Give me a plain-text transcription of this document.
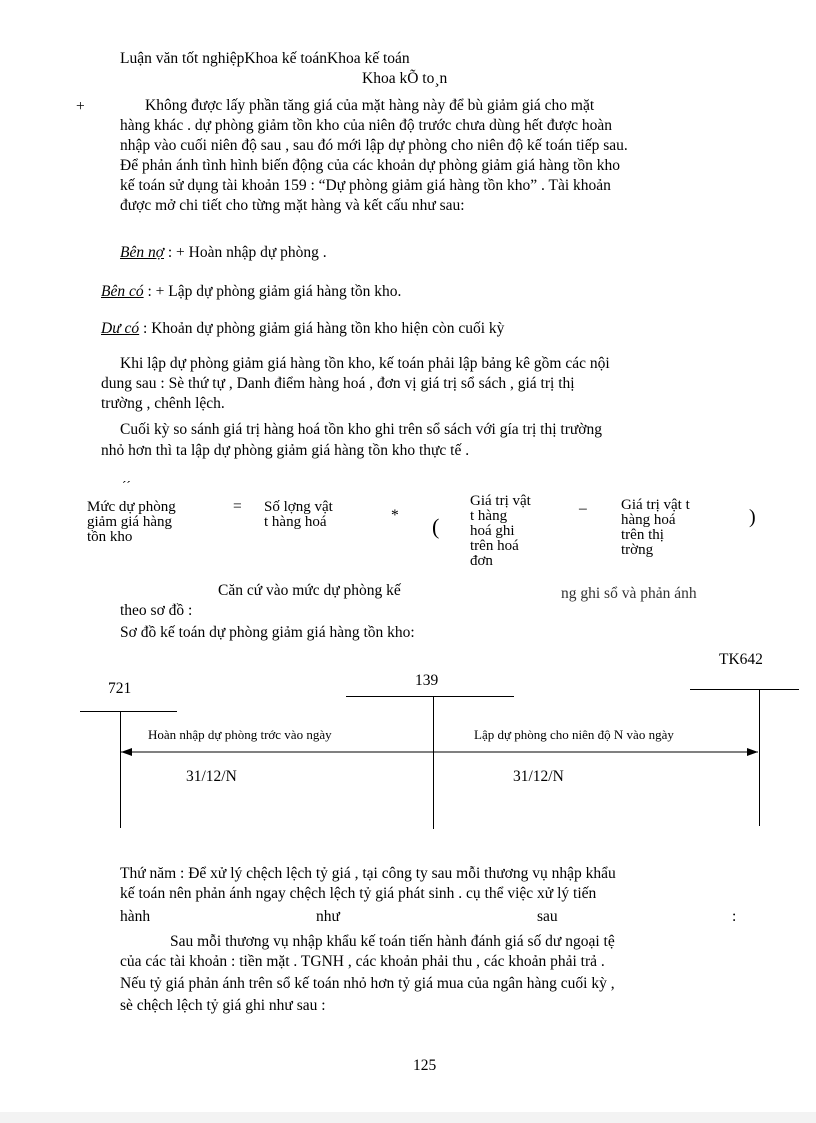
Luận văn tốt nghiệpKhoa kế toánKhoa kế toán
Khoa kÕ to¸n
+	Không được lấy phần tăng giá của mặt hàng này để bù giảm giá cho mặt
hàng khác . dự phòng giảm tồn kho của niên độ trước chưa dùng hết được hoàn
nhập vào cuối niên độ sau , sau đó mới lập dự phòng cho niên độ kế toán tiếp sau.
Để phản ánh tình hình biến động của các khoản dự phòng giảm giá hàng tồn kho
kế toán sử dụng tài khoản 159 : “Dự phòng giảm giá hàng tồn kho” . Tài khoản
được mở chi tiết cho từng mặt hàng và kết cấu như sau:
Bên nợ : + Hoàn nhập dự phòng .
Bên có : + Lập dự phòng giảm giá hàng tồn kho.
Dư có : Khoản dự phòng giảm giá hàng tồn kho hiện còn cuối kỳ
Khi lập dự phòng giảm giá hàng tồn kho, kế toán phải lập bảng kê gồm các nội
dung sau : Sè thứ tự , Danh điểm hàng hoá , đơn vị giá trị sổ sách , giá trị thị
trường , chênh lệch.
Cuối kỳ so sánh giá trị hàng hoá tồn kho ghi trên sổ sách với gía trị thị trường
nhỏ hơn thì ta lập dự phòng giảm giá hàng tồn kho thực tế .
´´
Mức dự phòng
giảm giá hàng
tồn kho
= Số lợng vật
t hàng hoá	* (
Giá trị vật
t hàng
hoá ghi
trên hoá
đơn
– Giá trị vật t
hàng hoá
trên thị
trờng
)
Căn cứ vào mức dự phòng kế	ng ghi sổ và phản ánh
theo sơ đồ :
Sơ đồ kế toán dự phòng giảm giá hàng tồn kho:
TK642
139
721
Hoàn nhập dự phòng trớc vào ngày	Lập dự phòng cho niên độ N vào ngày
31/12/N	31/12/N
Thứ năm : Để xử lý chệch lệch tỷ giá , tại công ty sau mỗi thương vụ nhập khẩu
kế toán nên phản ánh ngay chệch lệch tỷ giá phát sinh . cụ thể việc xử lý tiến
hành	như	sau	:
Sau mỗi thương vụ nhập khẩu kế toán tiến hành đánh giá số dư ngoại tệ
của các tài khoản : tiền mặt . TGNH , các khoản phải thu , các khoản phải trả .
Nếu tỷ giá phản ánh trên sổ kế toán nhỏ hơn tỷ giá mua của ngân hàng cuối kỳ ,
sè chệch lệch tỷ giá ghi như sau :
125
